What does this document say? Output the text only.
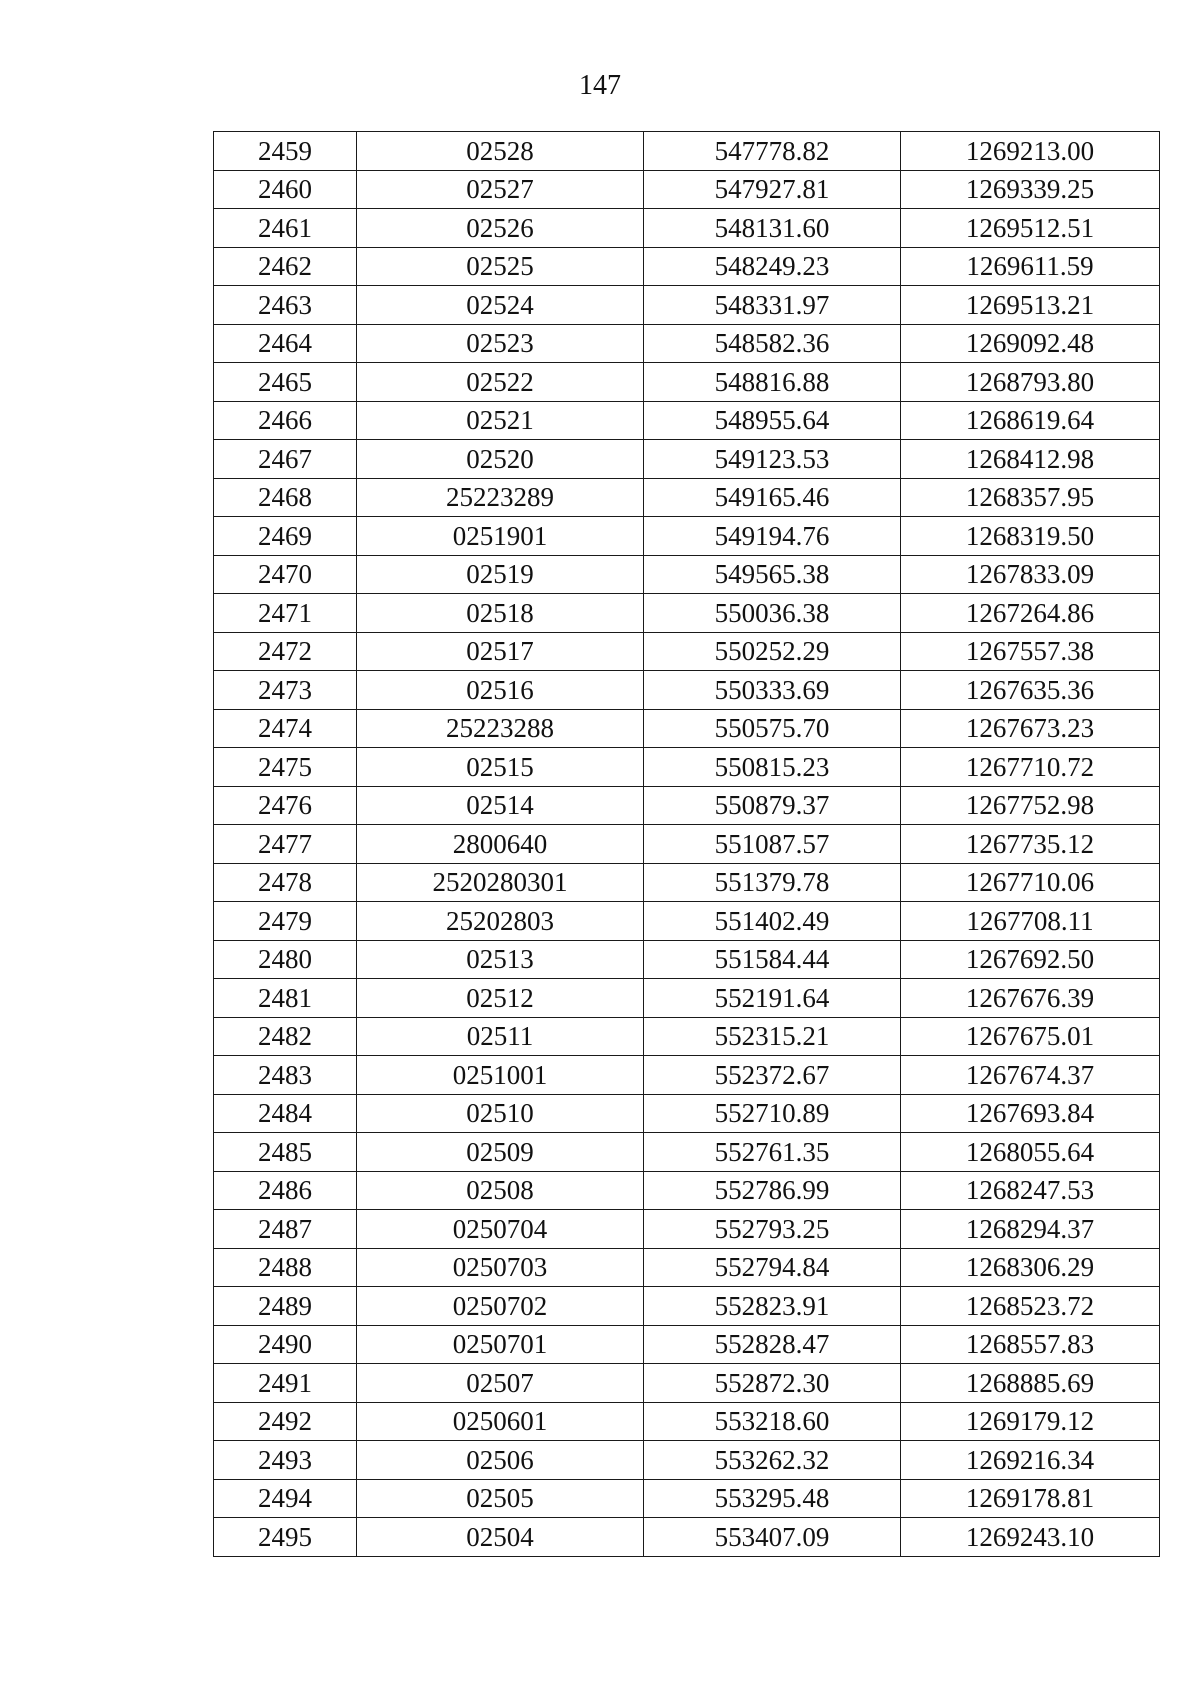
147
2459	02528	547778.82	1269213.00
2460	02527	547927.81	1269339.25
2461	02526	548131.60	1269512.51
2462	02525	548249.23	1269611.59
2463	02524	548331.97	1269513.21
2464	02523	548582.36	1269092.48
2465	02522	548816.88	1268793.80
2466	02521	548955.64	1268619.64
2467	02520	549123.53	1268412.98
2468	25223289	549165.46	1268357.95
2469	0251901	549194.76	1268319.50
2470	02519	549565.38	1267833.09
2471	02518	550036.38	1267264.86
2472	02517	550252.29	1267557.38
2473	02516	550333.69	1267635.36
2474	25223288	550575.70	1267673.23
2475	02515	550815.23	1267710.72
2476	02514	550879.37	1267752.98
2477	2800640	551087.57	1267735.12
2478	2520280301	551379.78	1267710.06
2479	25202803	551402.49	1267708.11
2480	02513	551584.44	1267692.50
2481	02512	552191.64	1267676.39
2482	02511	552315.21	1267675.01
2483	0251001	552372.67	1267674.37
2484	02510	552710.89	1267693.84
2485	02509	552761.35	1268055.64
2486	02508	552786.99	1268247.53
2487	0250704	552793.25	1268294.37
2488	0250703	552794.84	1268306.29
2489	0250702	552823.91	1268523.72
2490	0250701	552828.47	1268557.83
2491	02507	552872.30	1268885.69
2492	0250601	553218.60	1269179.12
2493	02506	553262.32	1269216.34
2494	02505	553295.48	1269178.81
2495	02504	553407.09	1269243.10
